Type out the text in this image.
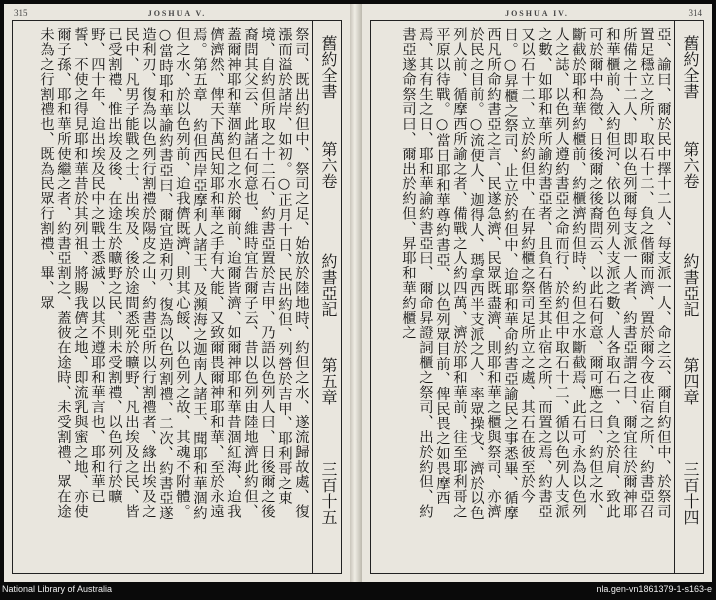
315	JOSHUA V.
舊約全書
第六卷
約書亞記
第五章
三百十五
祭司、既出約但中、祭司之足、始放於陸地時、約但之水、遂流歸故處、復漲而溢於諸岸、如初。○正月十日、民出約但、列營於吉甲、耶利哥之東境、自約但所取之十二石、約書亞置於吉甲、乃語以色列人曰、日後爾之後裔問其父云、此諸石何意也、維時宜告爾子云、昔以色列由陸地濟此約但、蓋爾神耶和華涸約但之水於爾前、迨爾皆濟、如爾神耶和華昔涸紅海、迨我儕濟然、俾天下萬民知耶和華之手有大能、又致爾畏爾神耶和華、至於永遠焉。第五章 約但西岸亞摩利人諸王、及瀕海之迦南人諸王、聞耶和華涸約但之水、於以色列前、迨我儕既濟、則其心餒、以色列之故、其魂不附體。○當時耶和華諭約書亞曰、爾宜造利刃、復為以色列割禮、二次、約書亞遂造利刃、復為以色列行割禮於陽皮之山、約書亞所以行割禮者、緣出埃及之民中、凡男子能戰之士、出埃及、後於途間悉死於曠野、凡出埃及之民、皆已受割禮、惟出埃及後、在途生於曠野之民、則未受割禮、以色列行於曠野、四十年、迨出埃及民中之戰士悉滅、以其不遵耶和華言也、耶和華已誓、不使之得見耶和華昔於其列祖、將賜我儕之地、即流乳與蜜之地、亦使爾子孫、耶和華所使繼之者、約書亞割之、蓋彼在途時、未受割禮、眾在途未為之行割禮也、既為民眾行割禮、畢、眾
JOSHUA IV.	314
舊約全書
第六卷
約書亞記
第四章
三百十四
亞、諭曰、爾於民中擇十二人、每支派一人、命之云、爾自約但中、於祭司置足穩立之所、取石十二、負之偕爾而濟、置於爾今夜止宿之所、約書亞召所備之十二人、即以色列爾每支派一人者、約書亞謂之曰、爾宜往於爾神耶和華櫃前、入約但河、依以色列人支派之數、人各取石一、負之於肩、致此可於爾中為徵、日後爾之後裔問云、以此石何意、爾可應之曰、約但之水、斷截於耶和華約櫃前、約櫃濟約但時、約但之水斷截焉、此石可永為以色列人之誌、以色列人遵約書亞之命而行、於約但中取石十二、循以色列人支派之數、如耶和華所諭約書亞者、且負石偕至其止宿之所、而置之焉、約書亞又以石十二、立於約但中、在昇約櫃之祭司足所立之處、其石在彼至於今日。○昇櫃之祭司、止立於約但中、迨耶和華命約書亞諭民之事悉畢、循摩西凡所命約書亞之言、民遂急濟、民眾既盡濟、則耶和華之櫃與祭司、亦濟於民之目前。○流便人、迦得人、瑪拿西半支派之人、率眾操戈、濟於以色列人前、循摩西所諭之者、備戰之人約四萬、濟於耶和華前、往至耶利哥之平原以待戰。○當日耶和華尊約書亞、以色列眾目前、俾民畏之如畏摩西焉、其有生之日、耶和華諭約書亞曰、爾命昇證詞櫃之祭司、出於約但、約書亞遂命祭司曰、爾出於約但、昇耶和華約櫃之
National Library of Australia	nla.gen-vn1861379-1-s163-e
